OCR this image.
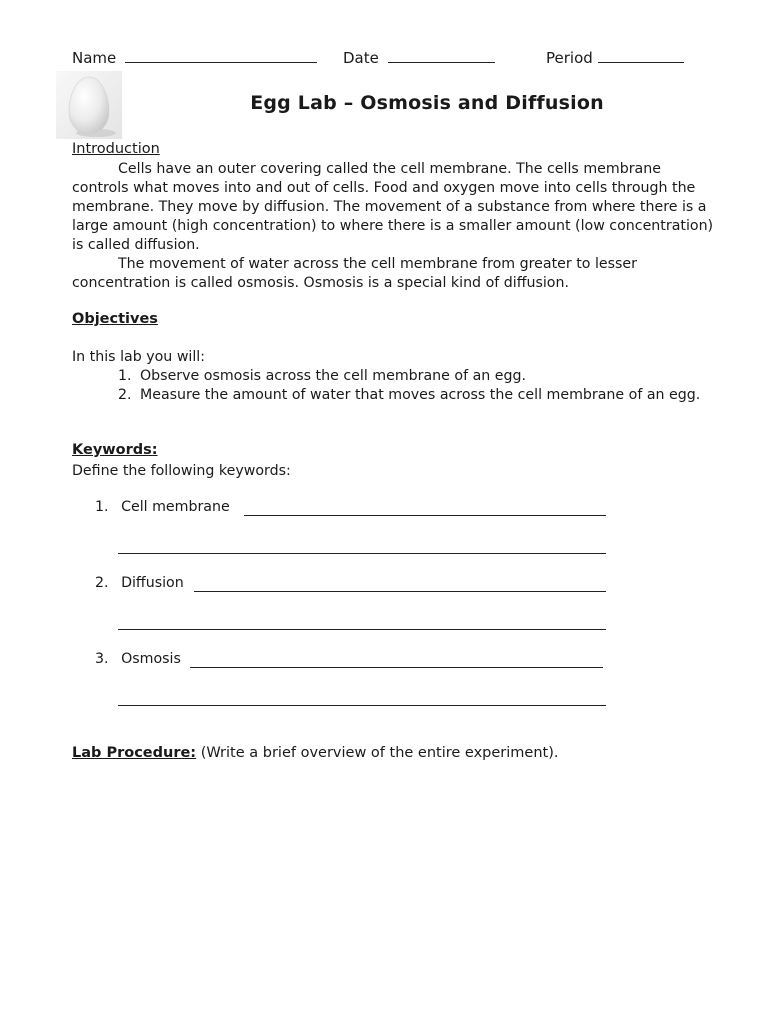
Name	Date	Period
Egg Lab – Osmosis and Diffusion
Introduction
Cells have an outer covering called the cell membrane. The cells membrane controls what moves into and out of cells. Food and oxygen move into cells through the membrane. They move by diffusion. The movement of a substance from where there is a large amount (high concentration) to where there is a smaller amount (low concentration) is called diffusion.
The movement of water across the cell membrane from greater to lesser concentration is called osmosis. Osmosis is a special kind of diffusion.
Objectives
In this lab you will:
1. Observe osmosis across the cell membrane of an egg.
2. Measure the amount of water that moves across the cell membrane of an egg.
Keywords:
Define the following keywords:
1. Cell membrane
2. Diffusion
3. Osmosis
Lab Procedure: (Write a brief overview of the entire experiment).
